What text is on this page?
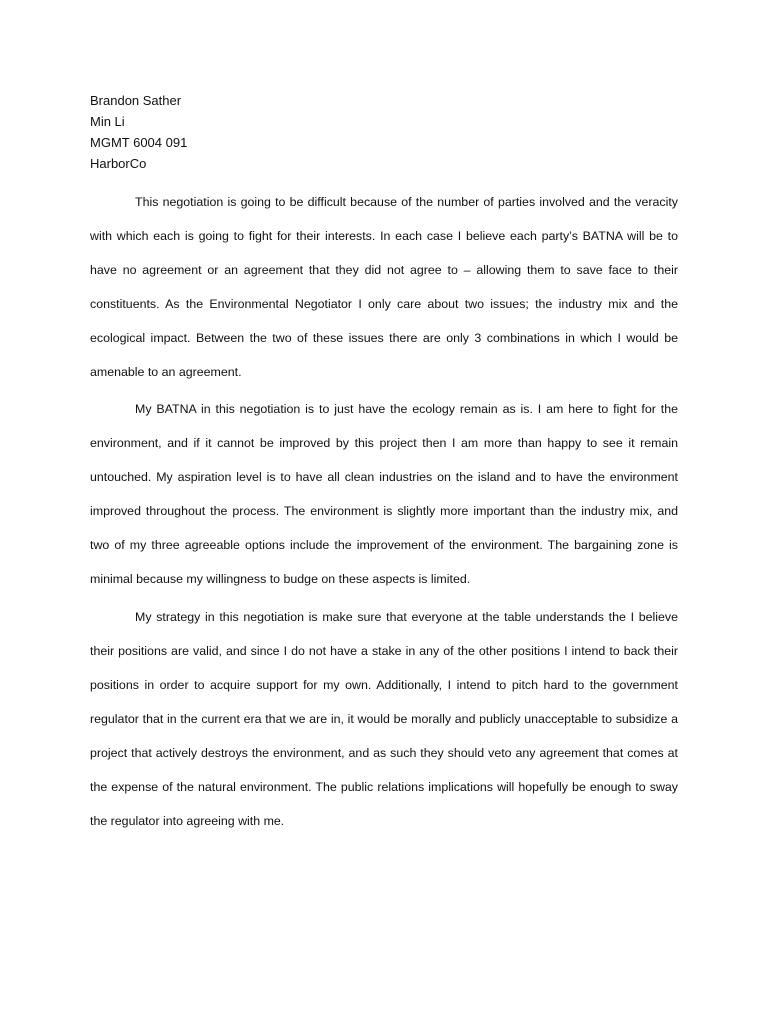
Brandon Sather
Min Li
MGMT 6004 091
HarborCo

This negotiation is going to be difficult because of the number of parties involved and the veracity with which each is going to fight for their interests. In each case I believe each party’s BATNA will be to have no agreement or an agreement that they did not agree to – allowing them to save face to their constituents. As the Environmental Negotiator I only care about two issues; the industry mix and the ecological impact. Between the two of these issues there are only 3 combinations in which I would be amenable to an agreement.

My BATNA in this negotiation is to just have the ecology remain as is. I am here to fight for the environment, and if it cannot be improved by this project then I am more than happy to see it remain untouched. My aspiration level is to have all clean industries on the island and to have the environment improved throughout the process. The environment is slightly more important than the industry mix, and two of my three agreeable options include the improvement of the environment. The bargaining zone is minimal because my willingness to budge on these aspects is limited.

My strategy in this negotiation is make sure that everyone at the table understands the I believe their positions are valid, and since I do not have a stake in any of the other positions I intend to back their positions in order to acquire support for my own. Additionally, I intend to pitch hard to the government regulator that in the current era that we are in, it would be morally and publicly unacceptable to subsidize a project that actively destroys the environment, and as such they should veto any agreement that comes at the expense of the natural environment. The public relations implications will hopefully be enough to sway the regulator into agreeing with me.
